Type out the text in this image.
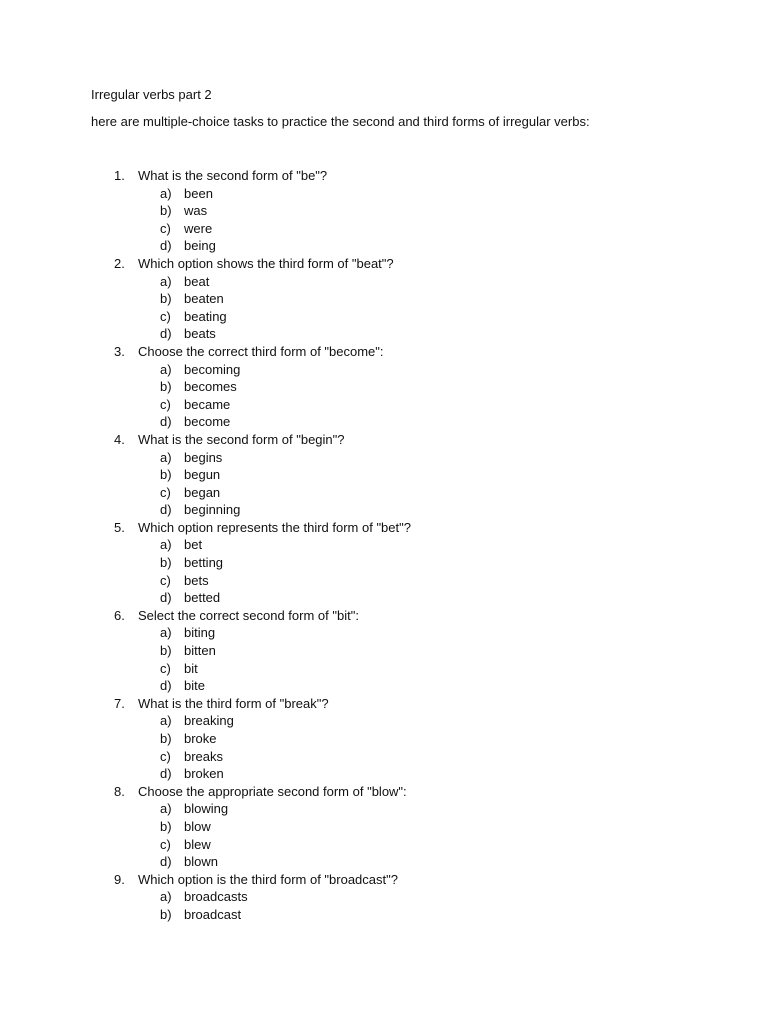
Irregular verbs part 2
here are multiple-choice tasks to practice the second and third forms of irregular verbs:
1.	What is the second form of "be"?
a) been
b) was
c)	were
d) being
2.	Which option shows the third form of "beat"?
a) beat
b) beaten
c)	beating
d) beats
3.	Choose the correct third form of "become":
a) becoming
b) becomes
c)	became
d) become
4.	What is the second form of "begin"?
a) begins
b) begun
c)	began
d) beginning
5.	Which option represents the third form of "bet"?
a) bet
b) betting
c)	bets
d) betted
6.	Select the correct second form of "bit":
a) biting
b) bitten
c)	bit
d) bite
7.	What is the third form of "break"?
a) breaking
b) broke
c)	breaks
d) broken
8.	Choose the appropriate second form of "blow":
a) blowing
b) blow
c)	blew
d) blown
9.	Which option is the third form of "broadcast"?
a) broadcasts
b) broadcast
